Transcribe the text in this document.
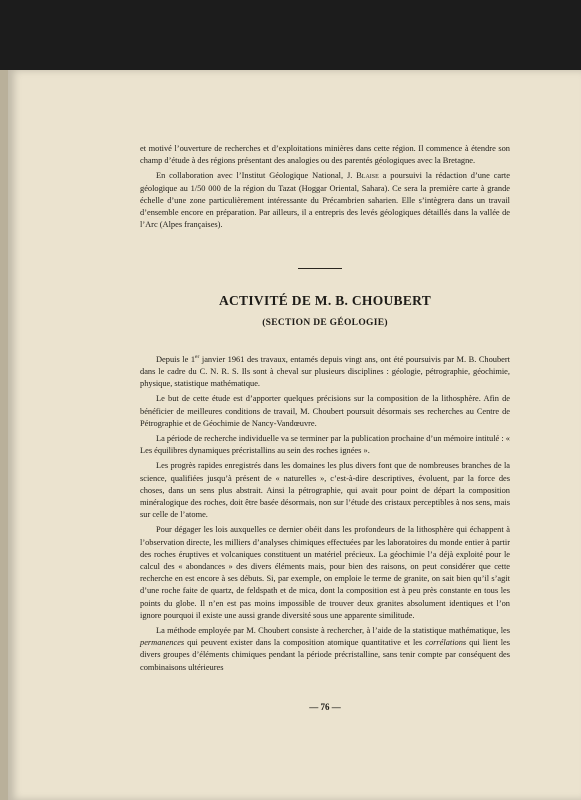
et motivé l’ouverture de recherches et d’exploitations minières dans cette région. Il commence à étendre son champ d’étude à des régions présentant des analogies ou des parentés géologiques avec la Bretagne.

En collaboration avec l’Institut Géologique National, J. Blaise a poursuivi la rédaction d’une carte géologique au 1/50 000 de la région du Tazat (Hoggar Oriental, Sahara). Ce sera la première carte à grande échelle d’une zone particulièrement intéressante du Précambrien saharien. Elle s’intègrera dans un travail d’ensemble encore en préparation. Par ailleurs, il a entrepris des levés géologiques détaillés dans la vallée de l’Arc (Alpes françaises).

ACTIVITÉ DE M. B. CHOUBERT
(SECTION DE GÉOLOGIE)

Depuis le 1er janvier 1961 des travaux, entamés depuis vingt ans, ont été poursuivis par M. B. Choubert dans le cadre du C. N. R. S. Ils sont à cheval sur plusieurs disciplines : géologie, pétrographie, géochimie, physique, statistique mathématique.

Le but de cette étude est d’apporter quelques précisions sur la composition de la lithosphère. Afin de bénéficier de meilleures conditions de travail, M. Choubert poursuit désormais ses recherches au Centre de Pétrographie et de Géochimie de Nancy-Vandœuvre.

La période de recherche individuelle va se terminer par la publication prochaine d’un mémoire intitulé : « Les équilibres dynamiques précristallins au sein des roches ignées ».

Les progrès rapides enregistrés dans les domaines les plus divers font que de nombreuses branches de la science, qualifiées jusqu’à présent de « naturelles », c’est-à-dire descriptives, évoluent, par la force des choses, dans un sens plus abstrait. Ainsi la pétrographie, qui avait pour point de départ la composition minéralogique des roches, doit être basée désormais, non sur l’étude des cristaux perceptibles à nos sens, mais sur celle de l’atome.

Pour dégager les lois auxquelles ce dernier obéit dans les profondeurs de la lithosphère qui échappent à l’observation directe, les milliers d’analyses chimiques effectuées par les laboratoires du monde entier à partir des roches éruptives et volcaniques constituent un matériel précieux. La géochimie l’a déjà exploité pour le calcul des « abondances » des divers éléments mais, pour bien des raisons, on peut considérer que cette recherche en est encore à ses débuts. Si, par exemple, on emploie le terme de granite, on sait bien qu’il s’agit d’une roche faite de quartz, de feldspath et de mica, dont la composition est à peu près constante en tous les points du globe. Il n’en est pas moins impossible de trouver deux granites absolument identiques et l’on ignore pourquoi il existe une aussi grande diversité sous une apparente similitude.

La méthode employée par M. Choubert consiste à rechercher, à l’aide de la statistique mathématique, les permanences qui peuvent exister dans la composition atomique quantitative et les corrélations qui lient les divers groupes d’éléments chimiques pendant la période précristalline, sans tenir compte par conséquent des combinaisons ultérieures

— 76 —
